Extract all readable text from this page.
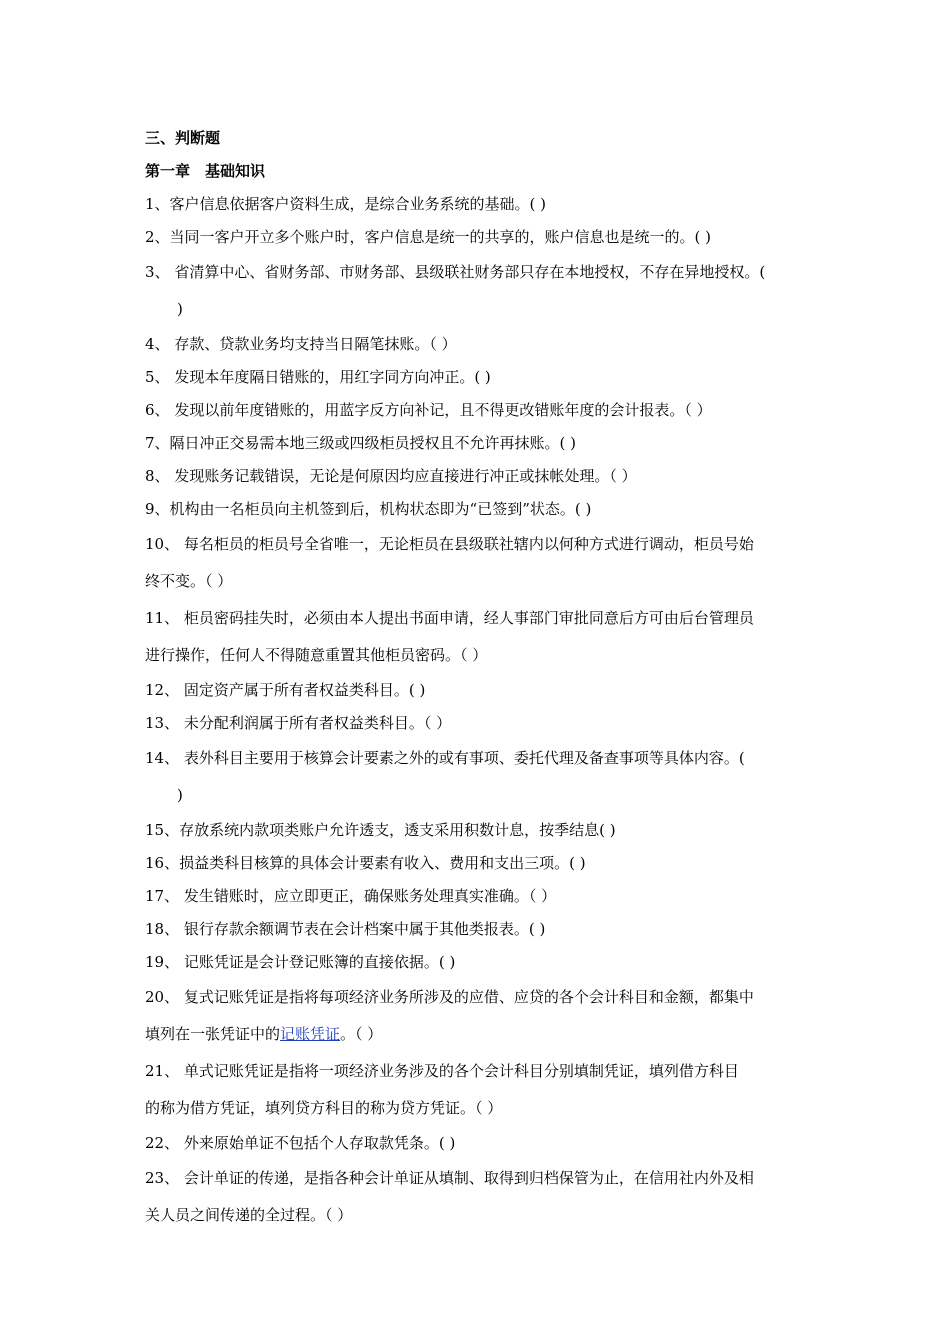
三、判断题
第一章　基础知识
1、客户信息依据客户资料生成，是综合业务系统的基础。( )
2、当同一客户开立多个账户时，客户信息是统一的共享的，账户信息也是统一的。( )
3、 省清算中心、省财务部、市财务部、县级联社财务部只存在本地授权，不存在异地授权。(
)
4、 存款、贷款业务均支持当日隔笔抹账。（ ）
5、 发现本年度隔日错账的，用红字同方向冲正。( )
6、 发现以前年度错账的，用蓝字反方向补记，且不得更改错账年度的会计报表。（ ）
7、隔日冲正交易需本地三级或四级柜员授权且不允许再抹账。( )
8、 发现账务记载错误，无论是何原因均应直接进行冲正或抹帐处理。（ ）
9、机构由一名柜员向主机签到后，机构状态即为“已签到”状态。( )
10、 每名柜员的柜员号全省唯一，无论柜员在县级联社辖内以何种方式进行调动，柜员号始
终不变。（ ）
11、 柜员密码挂失时，必须由本人提出书面申请，经人事部门审批同意后方可由后台管理员
进行操作，任何人不得随意重置其他柜员密码。（ ）
12、 固定资产属于所有者权益类科目。( )
13、 未分配利润属于所有者权益类科目。（ ）
14、 表外科目主要用于核算会计要素之外的或有事项、委托代理及备查事项等具体内容。(
)
15、存放系统内款项类账户允许透支，透支采用积数计息，按季结息( )
16、损益类科目核算的具体会计要素有收入、费用和支出三项。( )
17、 发生错账时，应立即更正，确保账务处理真实准确。（ ）
18、 银行存款余额调节表在会计档案中属于其他类报表。( )
19、 记账凭证是会计登记账簿的直接依据。( )
20、 复式记账凭证是指将每项经济业务所涉及的应借、应贷的各个会计科目和金额，都集中
填列在一张凭证中的记账凭证。（ ）
21、 单式记账凭证是指将一项经济业务涉及的各个会计科目分别填制凭证，填列借方科目
的称为借方凭证，填列贷方科目的称为贷方凭证。（ ）
22、 外来原始单证不包括个人存取款凭条。( )
23、 会计单证的传递，是指各种会计单证从填制、取得到归档保管为止，在信用社内外及相
关人员之间传递的全过程。（ ）
